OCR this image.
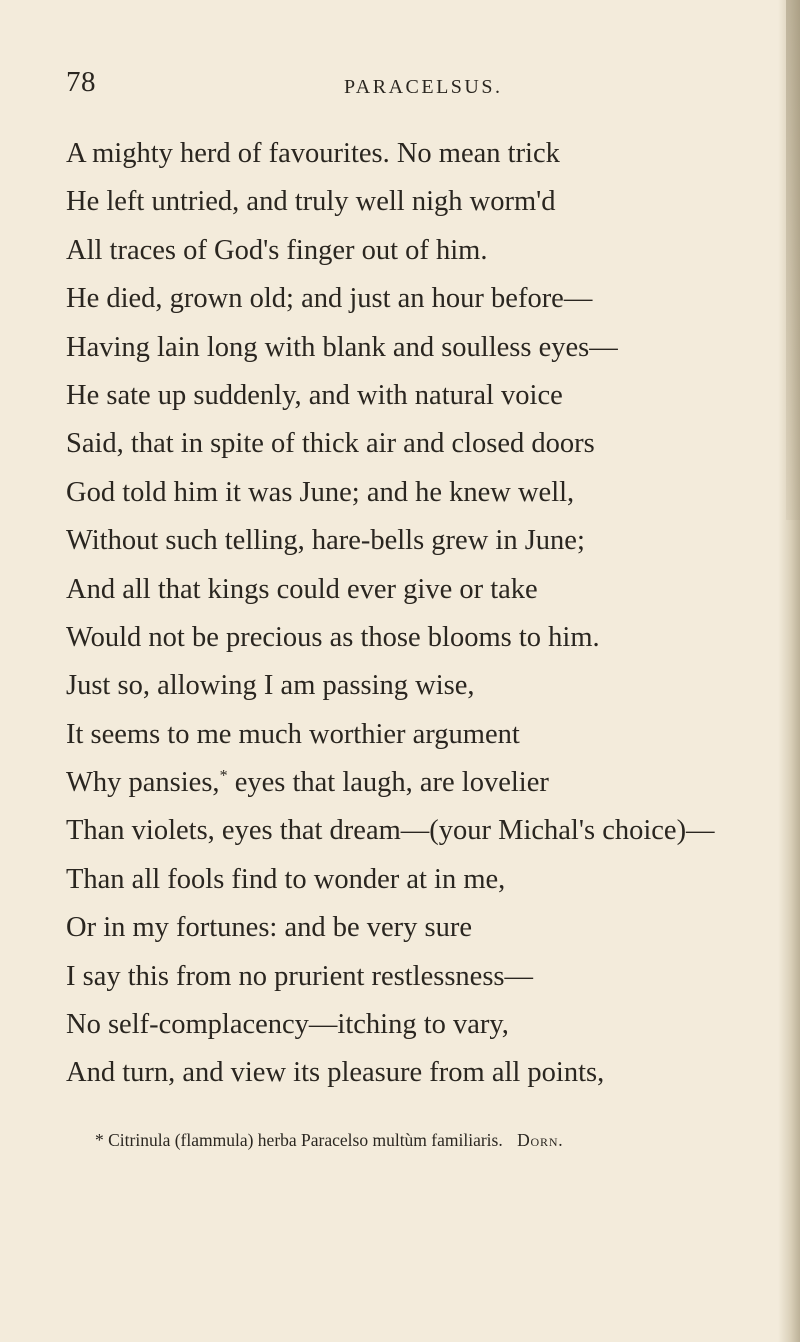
78	PARACELSUS.
A mighty herd of favourites. No mean trick
He left untried, and truly well nigh worm'd
All traces of God's finger out of him.
He died, grown old; and just an hour before—
Having lain long with blank and soulless eyes—
He sate up suddenly, and with natural voice
Said, that in spite of thick air and closed doors
God told him it was June; and he knew well,
Without such telling, hare-bells grew in June;
And all that kings could ever give or take
Would not be precious as those blooms to him.
Just so, allowing I am passing wise,
It seems to me much worthier argument
Why pansies,* eyes that laugh, are lovelier
Than violets, eyes that dream—(your Michal's choice)—
Than all fools find to wonder at in me,
Or in my fortunes: and be very sure
I say this from no prurient restlessness—
No self-complacency—itching to vary,
And turn, and view its pleasure from all points,
* Citrinula (flammula) herba Paracelso multùm familiaris. Dorn.
